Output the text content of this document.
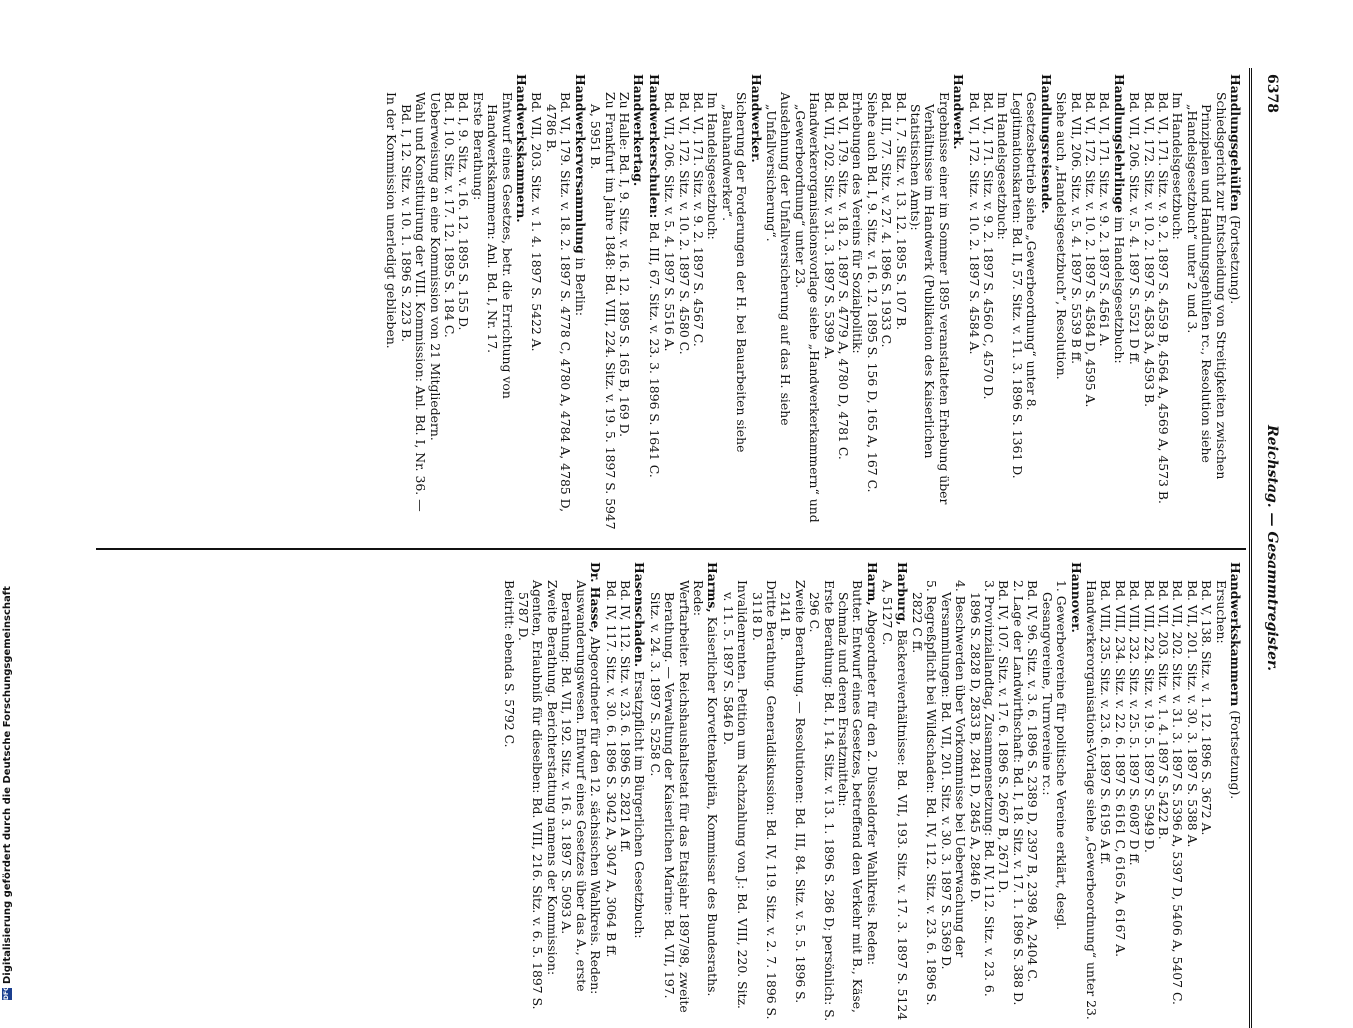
6378
Reichstag. — Gesammtregister.

Handlungsgehülfen (Fortsetzung).

Schiedsgericht zur Entscheidung von Streitigkeiten zwischen Prinzipalen und Handlungsgehülfen rc., Resolution siehe „Handelsgesetzbuch“ unter 2 und 3.

Im Handelsgesetzbuch:

Bd. VI, 171. Sitz. v. 9. 2. 1897 S. 4559 B, 4564 A, 4569 A, 4573 B.

Bd. VI, 172. Sitz. v. 10. 2. 1897 S. 4583 A, 4593 B.

Bd. VII, 206. Sitz. v. 5. 4. 1897 S. 5521 D ff.

Handlungslehrlinge im Handelsgesetzbuch:

Bd. VI, 171. Sitz. v. 9. 2. 1897 S. 4561 A.

Bd. VI, 172. Sitz. v. 10. 2. 1897 S. 4584 D, 4595 A.

Bd. VII, 206. Sitz. v. 5. 4. 1897 S. 5539 B ff.

Siehe auch „Handelsgesetzbuch“, Resolution.

Handlungsreisende.

Gesetzesbetrieb siehe „Gewerbeordnung“ unter 8.

Legitimationskarten: Bd. II, 57. Sitz. v. 11. 3. 1896 S. 1361 D.

Im Handelsgesetzbuch:

Bd. VI, 171. Sitz. v. 9. 2. 1897 S. 4560 C, 4570 D.

Bd. VI, 172. Sitz. v. 10. 2. 1897 S. 4584 A.

Handwerk.

Ergebnisse einer im Sommer 1895 veranstalteten Erhebung über Verhältnisse im Handwerk (Publikation des Kaiserlichen Statistischen Amts):

Bd. I, 7. Sitz. v. 13. 12. 1895 S. 107 B.

Bd. III, 77. Sitz. v. 27. 4. 1896 S. 1933 C.

Siehe auch Bd. I, 9. Sitz. v. 16. 12. 1895 S. 156 D, 165 A, 167 C.

Erhebungen des Vereins für Sozialpolitik:

Bd. VI, 179. Sitz. v. 18. 2. 1897 S. 4779 A, 4780 D, 4781 C.

Bd. VII, 202. Sitz. v. 31. 3. 1897 S. 5399 A.

Handwerkerorganisationsvorlage siehe „Handwerkerkammern“ und „Gewerbeordnung“ unter 23.

Ausdehnung der Unfallversicherung auf das H. siehe „Unfallversicherung“.

Handwerker.

Sicherung der Forderungen der H. bei Bauarbeiten siehe „Bauhandwerker“.

Im Handelsgesetzbuch:

Bd. VI, 171. Sitz. v. 9. 2. 1897 S. 4567 C.

Bd. VI, 172. Sitz. v. 10. 2. 1897 S. 4580 C.

Bd. VII, 206. Sitz. v. 5. 4. 1897 S. 5516 A.

Handwerkerschulen: Bd. III, 67. Sitz. v. 23. 3. 1896 S. 1641 C.

Handwerkertag.

Zu Halle: Bd. I, 9. Sitz. v. 16. 12. 1895 S. 165 B, 169 D.

Zu Frankfurt im Jahre 1848: Bd. VIII, 224. Sitz. v. 19. 5. 1897 S. 5947 A, 5951 B.

Handwerkerversammlung in Berlin:

Bd. VI, 179. Sitz. v. 18. 2. 1897 S. 4778 C, 4780 A, 4784 A, 4785 D, 4786 B.

Bd. VII, 203. Sitz. v. 1. 4. 1897 S. 5422 A.

Handwerkskammern.

Entwurf eines Gesetzes, betr. die Errichtung von Handwerkskammern: Anl. Bd. I, Nr. 17.

Erste Berathung:

Bd. I, 9. Sitz. v. 16. 12. 1895 S. 155 D.

Bd. I, 10. Sitz. v. 17. 12. 1895 S. 184 C.

Ueberweisung an eine Kommission von 21 Mitgliedern.

Wahl und Konstituirung der VIII. Kommission: Anl. Bd. I, Nr. 36. — Bd. I, 12. Sitz. v. 10. 1. 1896 S. 223 B.

In der Kommission unerledigt geblieben.

Handwerkskammern (Fortsetzung).

Ersuchen:

Bd. V, 138. Sitz. v. 1. 12. 1896 S. 3672 A.

Bd. VII, 201. Sitz. v. 30. 3. 1897 S. 5388 A.

Bd. VII, 202. Sitz. v. 31. 3. 1897 S. 5396 A, 5397 D, 5406 A, 5407 C.

Bd. VII, 203. Sitz. v. 1. 4. 1897 S. 5422 B.

Bd. VIII, 224. Sitz. v. 19. 5. 1897 S. 5949 D.

Bd. VIII, 232. Sitz. v. 25. 5. 1897 S. 6087 D ff.

Bd. VIII, 234. Sitz. v. 22. 6. 1897 S. 6161 C, 6165 A, 6167 A.

Bd. VIII, 235. Sitz. v. 23. 6. 1897 S. 6195 A ff.

Handwerkerorganisations-Vorlage siehe „Gewerbeordnung“ unter 23.

Hannover.

1. Gewerbevereine für politische Vereine erklärt, desgl. Gesangvereine, Turnvereine rc.:

Bd. IV, 96. Sitz. v. 3. 6. 1896 S. 2389 D, 2397 B, 2398 A, 2404 C.

2. Lage der Landwirthschaft: Bd. I, 18. Sitz. v. 17. 1. 1896 S. 388 D.

Bd. IV, 107. Sitz. v. 17. 6. 1896 S. 2667 B, 2671 D.

3. Provinziallandtag, Zusammensetzung: Bd. IV, 112. Sitz. v. 23. 6. 1896 S. 2828 D, 2833 B, 2841 D, 2845 A, 2846 D.

4. Beschwerden über Vorkommnisse bei Ueberwachung der Versammlungen: Bd. VII, 201. Sitz. v. 30. 3. 1897 S. 5369 D.

5. Regreßpflicht bei Wildschaden: Bd. IV, 112. Sitz. v. 23. 6. 1896 S. 2822 C ff.

Harburg, Bäckereiverhältnisse: Bd. VII, 193. Sitz. v. 17. 3. 1897 S. 5124 A, 5127 C.

Harm, Abgeordneter für den 2. Düsseldorfer Wahlkreis. Reden:

Butter. Entwurf eines Gesetzes, betreffend den Verkehr mit B., Käse, Schmalz und deren Ersatzmitteln:

Erste Berathung: Bd. I, 14. Sitz. v. 13. 1. 1896 S. 286 D; persönlich: S. 296 C.

Zweite Berathung. — Resolutionen: Bd. III, 84. Sitz. v. 5. 5. 1896 S. 2141 B.

Dritte Berathung. Generaldiskussion: Bd. IV, 119. Sitz. v. 2. 7. 1896 S. 3118 D.

Invalidenrenten. Petition um Nachzahlung von J.: Bd. VIII, 220. Sitz. v. 11. 5. 1897 S. 5846 D.

Harms, Kaiserlicher Korvettenkapitän, Kommissar des Bundesraths. Rede:

Werftarbeiter. Reichshaushaltsetat für das Etatsjahr 1897/98, zweite Berathung. — Verwaltung der Kaiserlichen Marine: Bd. VII, 197. Sitz. v. 24. 3. 1897 S. 5258 C.

Hasenschaden. Ersatzpflicht im Bürgerlichen Gesetzbuch:

Bd. IV, 112. Sitz. v. 23. 6. 1896 S. 2821 A ff.

Bd. IV, 117. Sitz. v. 30. 6. 1896 S. 3042 A, 3047 A, 3064 B ff.

Dr. Hasse, Abgeordneter für den 12. sächsischen Wahlkreis. Reden:

Auswanderungswesen. Entwurf eines Gesetzes über das A., erste Berathung: Bd. VII, 192. Sitz. v. 16. 3. 1897 S. 5093 A.

Zweite Berathung. Berichterstattung namens der Kommission:

Agenten, Erlaubniß für dieselben: Bd. VIII, 216. Sitz. v. 6. 5. 1897 S. 5787 D.

Beitritt: ebenda S. 5792 C.

DFGDigitalisierung gefördert durch die Deutsche Forschungsgemeinschaft
